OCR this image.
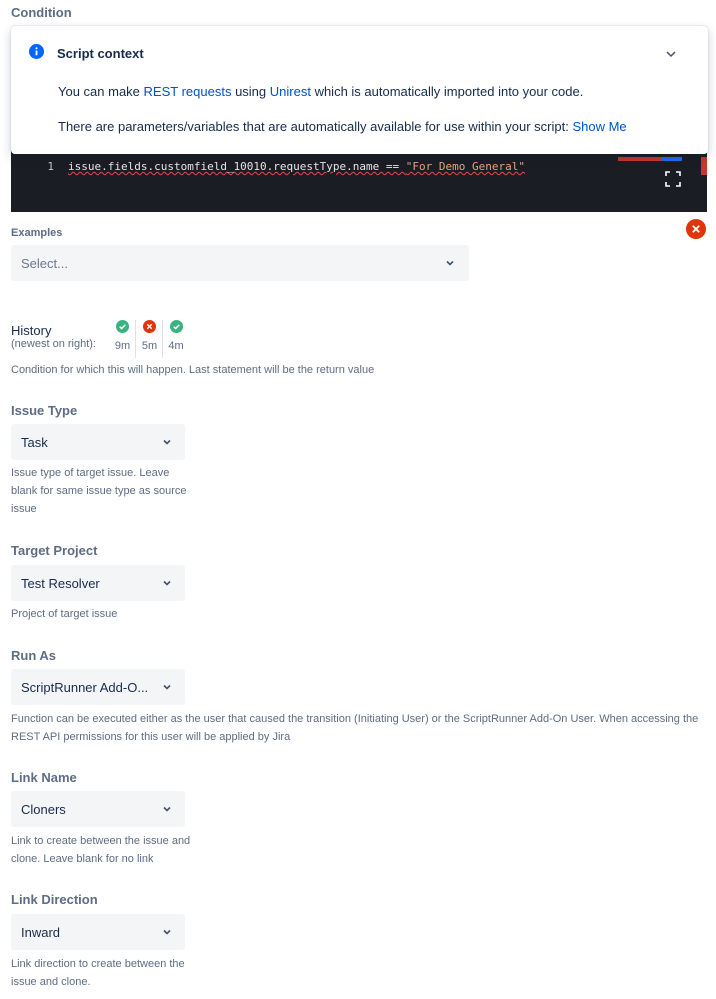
Condition
1 issue.fields.customfield_10010.requestType.name == "For Demo General"
Script context
You can make REST requests using Unirest which is automatically imported into your code.
There are parameters/variables that are automatically available for use within your script: Show Me
Examples
Select...
History
(newest on right):	9m	5m	4m
Condition for which this will happen. Last statement will be the return value
Issue Type
Task
Issue type of target issue. Leave blank for same issue type as source issue
Target Project
Test Resolver
Project of target issue
Run As
ScriptRunner Add-O...
Function can be executed either as the user that caused the transition (Initiating User) or the ScriptRunner Add-On User. When accessing the REST API permissions for this user will be applied by Jira
Link Name
Cloners
Link to create between the issue and clone. Leave blank for no link
Link Direction
Inward
Link direction to create between the issue and clone.
